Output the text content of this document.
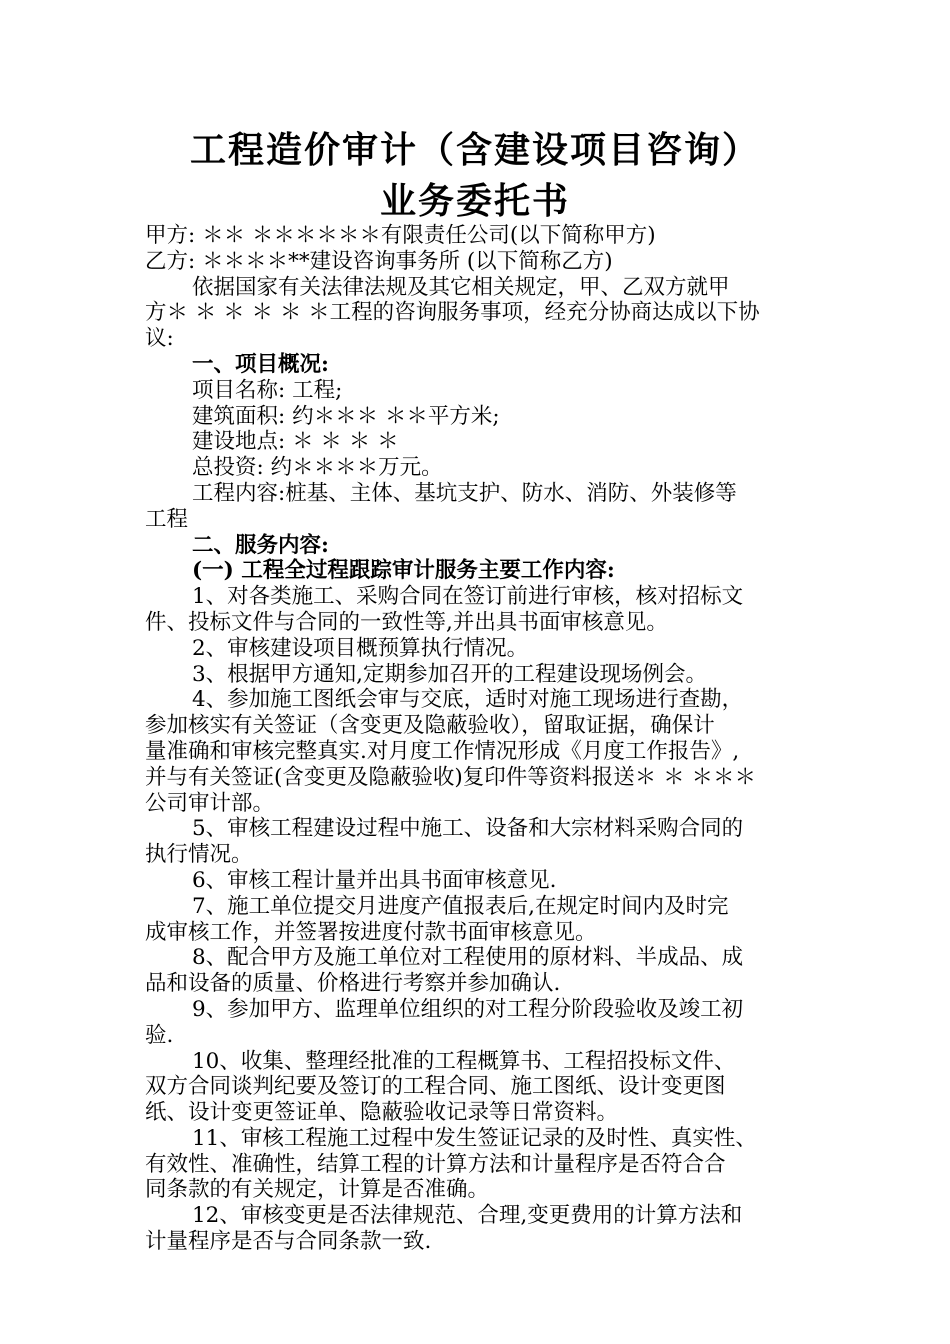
工程造价审计（含建设项目咨询）
业务委托书

甲方: ＊＊ ＊＊＊＊＊＊有限责任公司(以下简称甲方)

乙方: ＊＊＊＊**建设咨询事务所 (以下简称乙方)

依据国家有关法律法规及其它相关规定，甲、乙双方就甲

方＊ ＊ ＊ ＊ ＊ ＊工程的咨询服务事项，经充分协商达成以下协

议:

一、项目概况:

项目名称: 工程;

建筑面积: 约＊＊＊ ＊＊平方米;

建设地点: ＊ ＊ ＊ ＊

总投资: 约＊＊＊＊万元。

工程内容:桩基、主体、基坑支护、防水、消防、外装修等

工程

二、服务内容:

(一) 工程全过程跟踪审计服务主要工作内容:

1、对各类施工、采购合同在签订前进行审核，核对招标文

件、投标文件与合同的一致性等,并出具书面审核意见。

2、审核建设项目概预算执行情况。

3、根据甲方通知,定期参加召开的工程建设现场例会。

4、参加施工图纸会审与交底，适时对施工现场进行查勘，

参加核实有关签证（含变更及隐蔽验收），留取证据，确保计

量准确和审核完整真实.对月度工作情况形成《月度工作报告》,

并与有关签证(含变更及隐蔽验收)复印件等资料报送＊ ＊ ＊＊＊

公司审计部。

5、审核工程建设过程中施工、设备和大宗材料采购合同的

执行情况。

6、审核工程计量并出具书面审核意见.

7、施工单位提交月进度产值报表后,在规定时间内及时完

成审核工作，并签署按进度付款书面审核意见。

8、配合甲方及施工单位对工程使用的原材料、半成品、成

品和设备的质量、价格进行考察并参加确认.

9、参加甲方、监理单位组织的对工程分阶段验收及竣工初

验.

10、收集、整理经批准的工程概算书、工程招投标文件、

双方合同谈判纪要及签订的工程合同、施工图纸、设计变更图

纸、设计变更签证单、隐蔽验收记录等日常资料。

11、审核工程施工过程中发生签证记录的及时性、真实性、

有效性、准确性，结算工程的计算方法和计量程序是否符合合

同条款的有关规定，计算是否准确。

12、审核变更是否法律规范、合理,变更费用的计算方法和

计量程序是否与合同条款一致.
